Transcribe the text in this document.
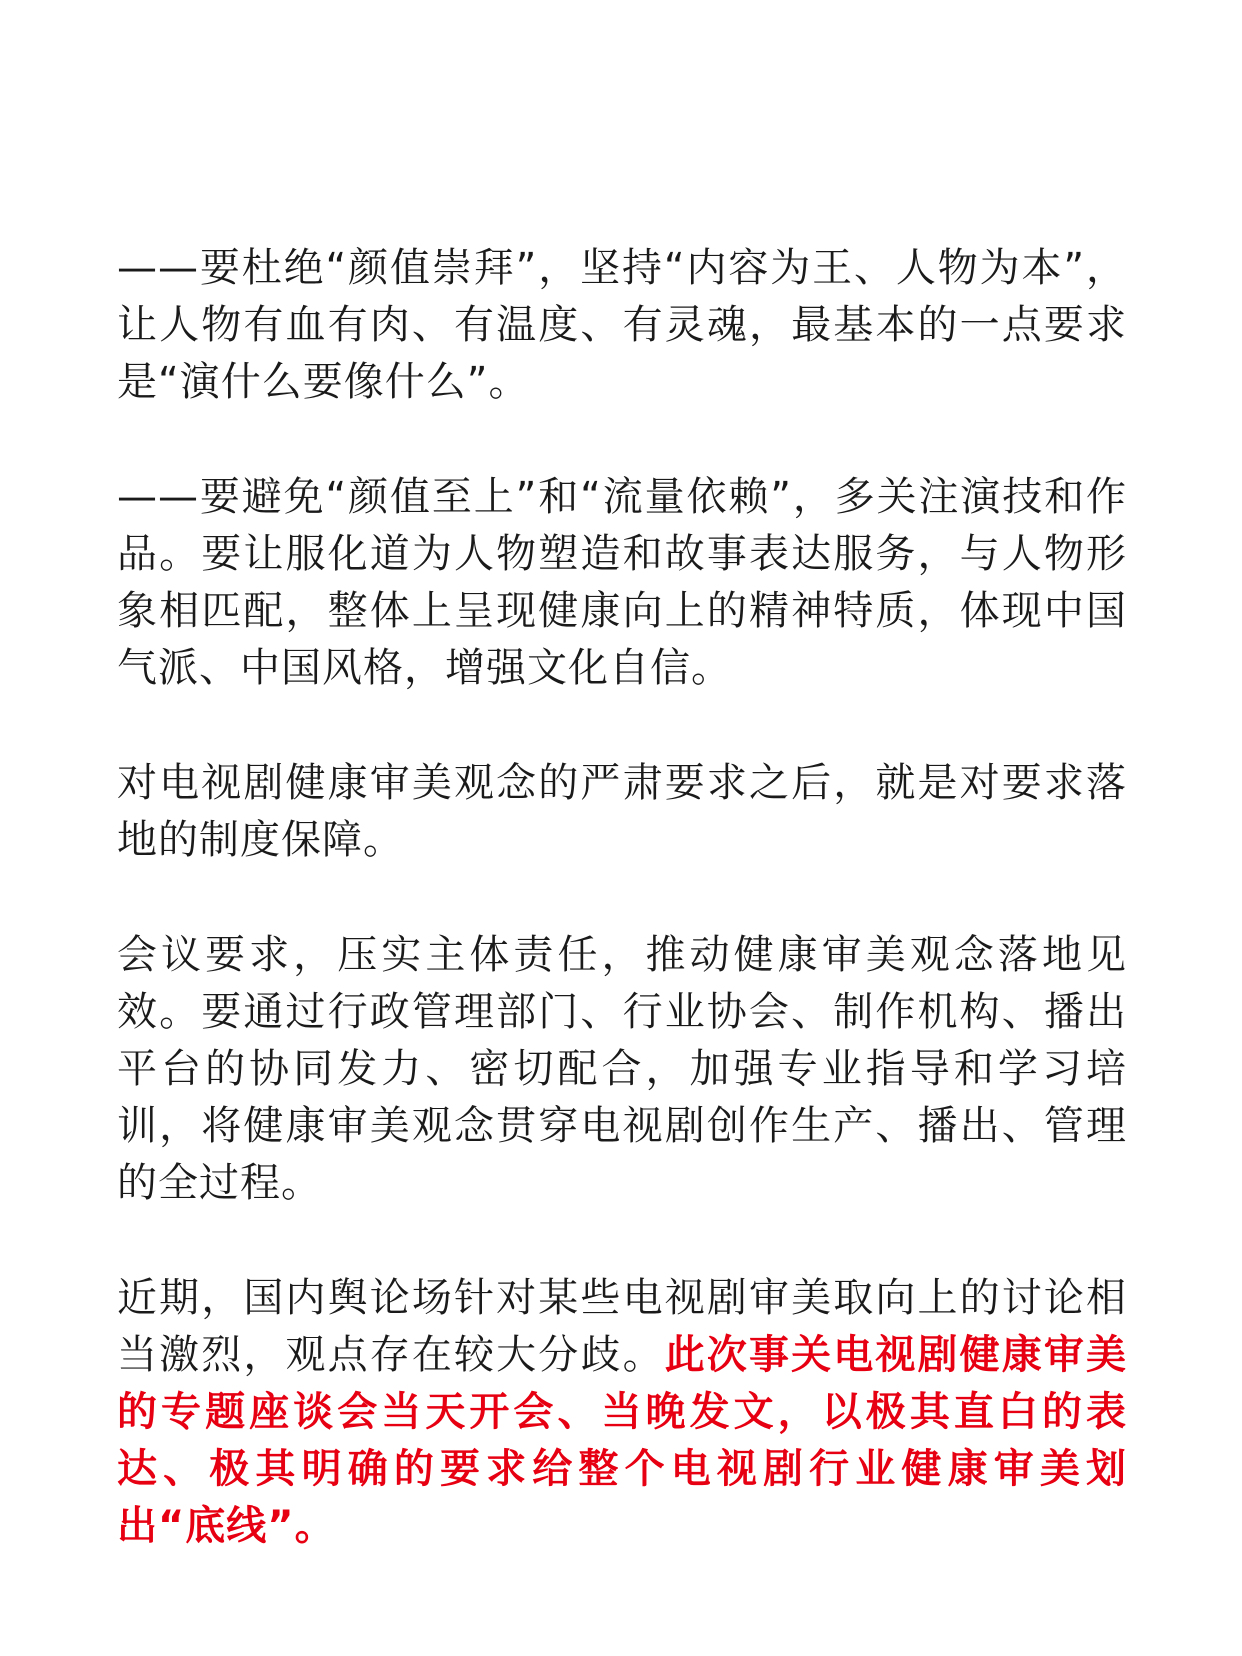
——要杜绝“颜值崇拜”，坚持“内容为王、人物为本”，让人物有血有肉、有温度、有灵魂，最基本的一点要求是“演什么要像什么”。

——要避免“颜值至上”和“流量依赖”，多关注演技和作品。要让服化道为人物塑造和故事表达服务，与人物形象相匹配，整体上呈现健康向上的精神特质，体现中国气派、中国风格，增强文化自信。

对电视剧健康审美观念的严肃要求之后，就是对要求落地的制度保障。

会议要求，压实主体责任，推动健康审美观念落地见效。要通过行政管理部门、行业协会、制作机构、播出平台的协同发力、密切配合，加强专业指导和学习培训，将健康审美观念贯穿电视剧创作生产、播出、管理的全过程。

近期，国内舆论场针对某些电视剧审美取向上的讨论相当激烈，观点存在较大分歧。此次事关电视剧健康审美的专题座谈会当天开会、当晚发文，以极其直白的表达、极其明确的要求给整个电视剧行业健康审美划出“底线”。
